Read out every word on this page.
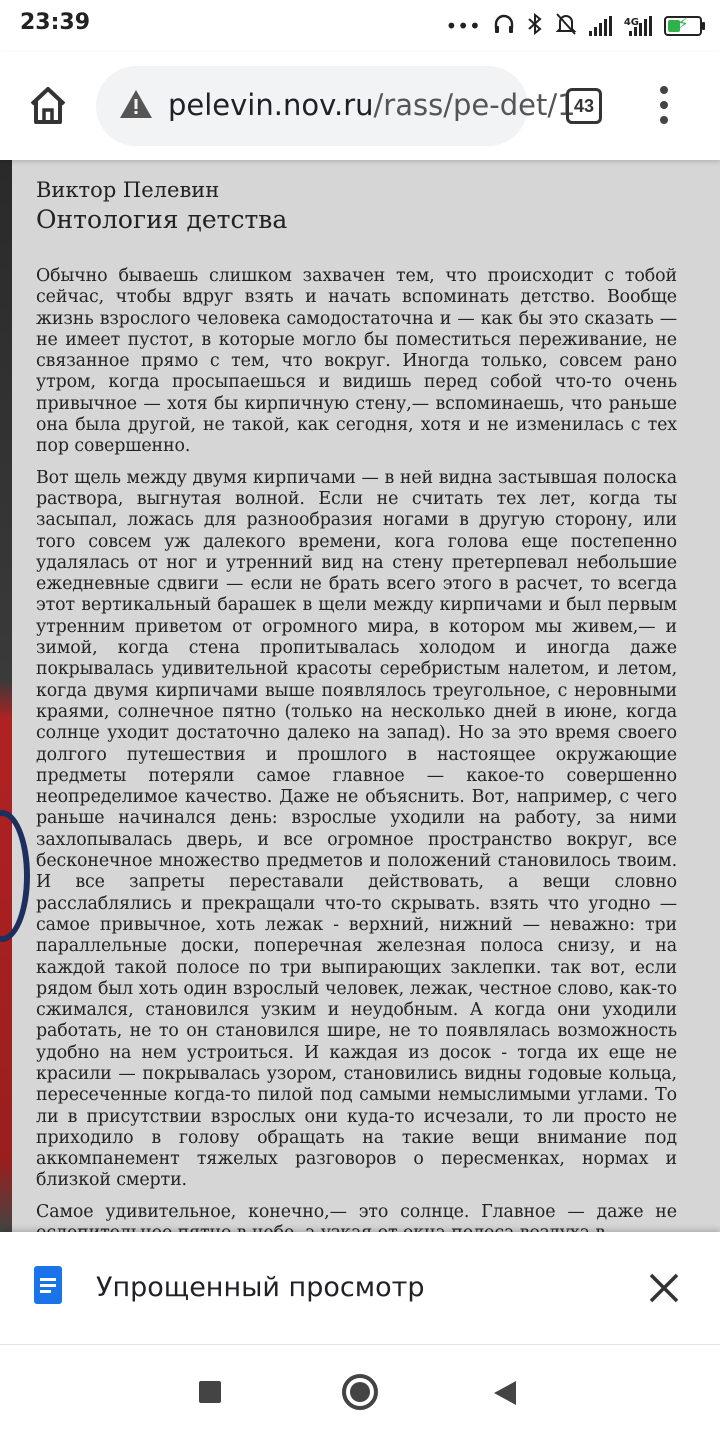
23:39	•••	4G	⚡
pelevin.nov.ru/rass/pe-det/1
43

Виктор Пелевин

Онтология детства

Обычно бываешь слишком захвачен тем, что происходит с тобой сейчас, чтобы вдруг взять и начать вспоминать детство. Вообще жизнь взрослого человека самодостаточна и — как бы это сказать — не имеет пустот, в которые могло бы поместиться переживание, не связанное прямо с тем, что вокруг. Иногда только, совсем рано утром, когда просыпаешься и видишь перед собой что-то очень привычное — хотя бы кирпичную стену,— вспоминаешь, что раньше она была другой, не такой, как сегодня, хотя и не изменилась с тех пор совершенно.

Вот щель между двумя кирпичами — в ней видна застывшая полоска раствора, выгнутая волной. Если не считать тех лет, когда ты засыпал, ложась для разнообразия ногами в другую сторону, или того совсем уж далекого времени, кога голова еще постепенно удалялась от ног и утренний вид на стену претерпевал небольшие ежедневные сдвиги — если не брать всего этого в расчет, то всегда этот вертикальный барашек в щели между кирпичами и был первым утренним приветом от огромного мира, в котором мы живем,— и зимой, когда стена пропитывалась холодом и иногда даже покрывалась удивительной красоты серебристым налетом, и летом, когда двумя кирпичами выше появлялось треугольное, с неровными краями, солнечное пятно (только на несколько дней в июне, когда солнце уходит достаточно далеко на запад). Но за это время своего долгого путешествия и прошлого в настоящее окружающие предметы потеряли самое главное — какое-то совершенно неопределимое качество. Даже не объяснить. Вот, например, с чего раньше начинался день: взрослые уходили на работу, за ними захлопывалась дверь, и все огромное пространство вокруг, все бесконечное множество предметов и положений становилось твоим. И все запреты переставали действовать, а вещи словно расслаблялись и прекращали что-то скрывать. взять что угодно — самое привычное, хоть лежак - верхний, нижний — неважно: три параллельные доски, поперечная железная полоса снизу, и на каждой такой полосе по три выпирающих заклепки. так вот, если рядом был хоть один взрослый человек, лежак, честное слово, как-то сжимался, становился узким и неудобным. А когда они уходили работать, не то он становился шире, не то появлялась возможность удобно на нем устроиться. И каждая из досок - тогда их еще не красили — покрывалась узором, становились видны годовые кольца, пересеченные когда-то пилой под самыми немыслимыми углами. То ли в присутствии взрослых они куда-то исчезали, то ли просто не приходило в голову обращать на такие вещи внимание под аккомпанемент тяжелых разговоров о пересменках, нормах и близкой смерти.

Самое удивительное, конечно,— это солнце. Главное — даже не

Упрощенный просмотр
